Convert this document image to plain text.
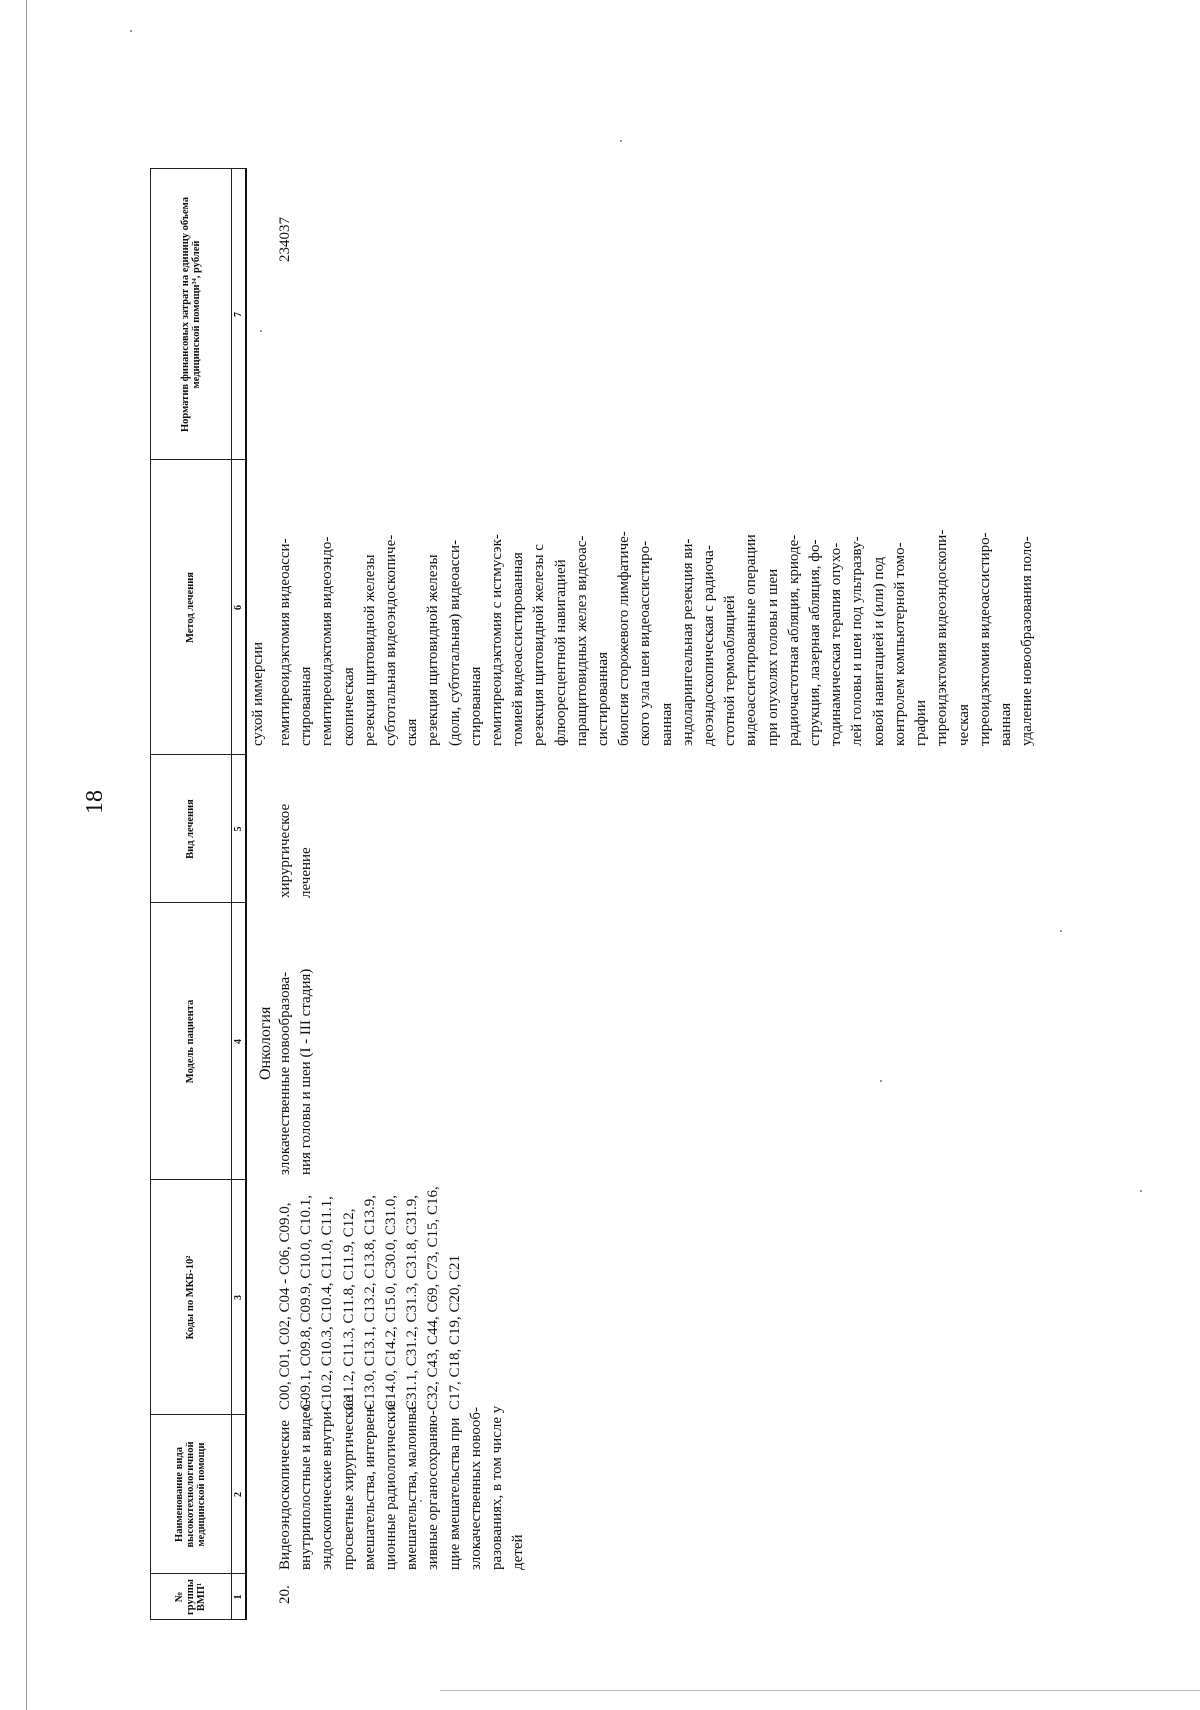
18
№ группы ВМП¹
Наименование вида высокотехнологичной медицинской помощи
Коды по МКБ-10²
Модель пациента
Вид лечения
Метод лечения
Норматив финансовых затрат на единицу объема медицинской помощи³⁴, рублей
1
2
3
4
5
6
7
сухой иммерсии
Онкология
20.
Видеоэндоскопические внутриполостные и видео- эндоскопические внутри- просветные хирургические вмешательства, интервен- ционные радиологические вмешательства, малоинва- зивные органосохраняю- щие вмешательства при злокачественных новооб- разованиях, в том числе у детей
C00, C01, C02, C04 - C06, C09.0, C09.1, C09.8, C09.9, C10.0, C10.1, C10.2, C10.3, C10.4, C11.0, C11.1, C11.2, C11.3, C11.8, C11.9, C12, C13.0, C13.1, C13.2, C13.8, C13.9, C14.0, C14.2, C15.0, C30.0, C31.0, C31.1, C31.2, C31.3, C31.8, C31.9, C32, C43, C44, C69, C73, C15, C16, C17, C18, C19, C20, C21
злокачественные новообразова- ния головы и шеи (I - III стадия)
хирургическое лечение
гемитиреоидэктомия видеоасси- стированная гемитиреоидэктомия видеоэндо- скопическая резекция щитовидной железы субтотальная видеоэндоскопиче- ская резекция щитовидной железы (доли, субтотальная) видеоасси- стированная гемитиреоидэктомия с истмусэк- томией видеоассистированная резекция щитовидной железы с флюоресцентной навигацией паращитовидных желез видеоас- систированная биопсия сторожевого лимфатиче- ского узла шеи видеоассистиро- ванная эндоларингеальная резекция ви- деоэндоскопическая с радиоча- стотной термоабляцией видеоассистированные операции при опухолях головы и шеи радиочастотная абляция, криоде- струкция, лазерная абляция, фо- тодинамическая терапия опухо- лей головы и шеи под ультразву- ковой навигацией и (или) под контролем компьютерной томо- графии тиреоидэктомия видеоэндоскопи- ческая тиреоидэктомия видеоассистиро- ванная удаление новообразования поло-
234037
